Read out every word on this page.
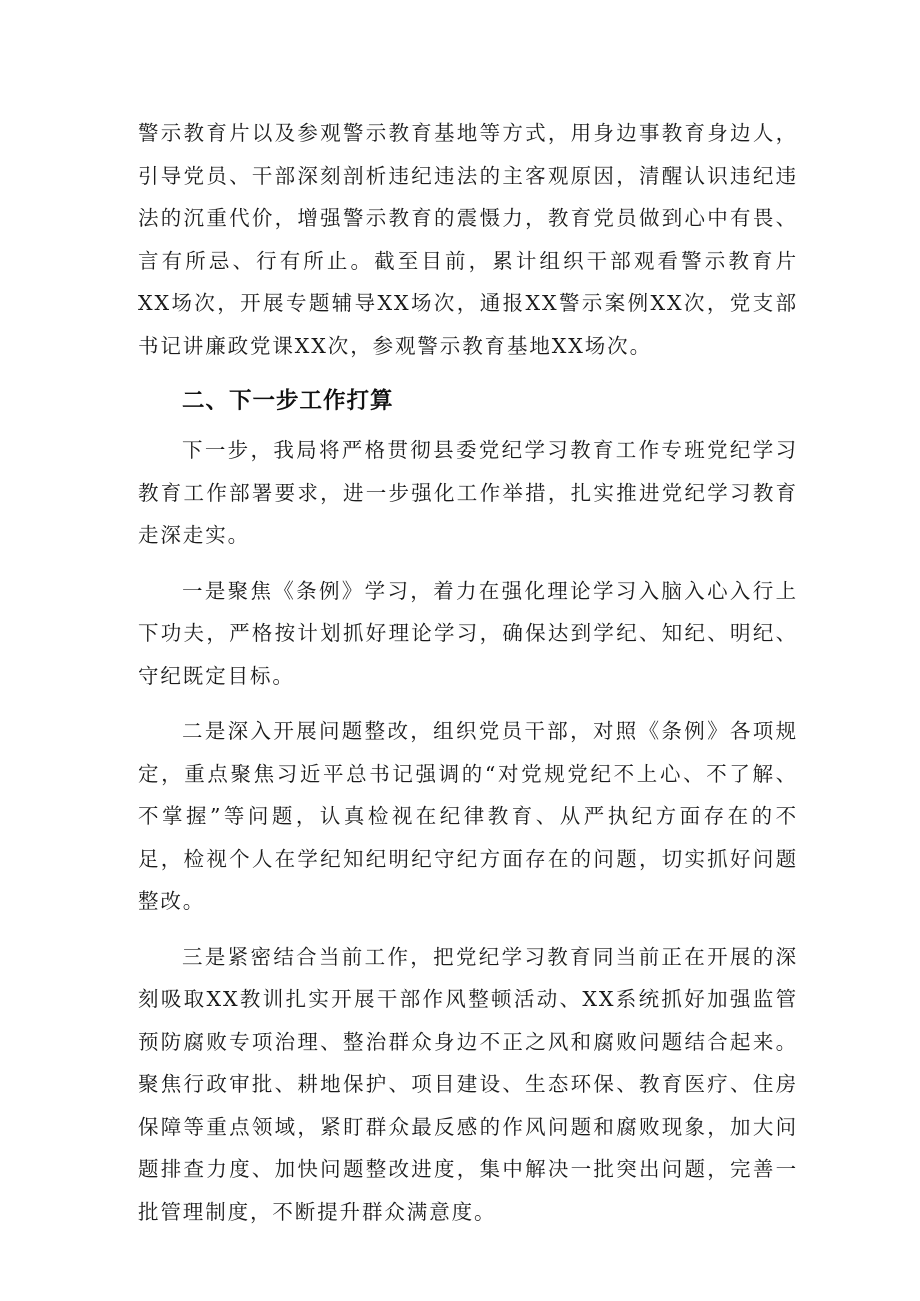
警示教育片以及参观警示教育基地等方式，用身边事教育身边人，引导党员、干部深刻剖析违纪违法的主客观原因，清醒认识违纪违法的沉重代价，增强警示教育的震慑力，教育党员做到心中有畏、言有所忌、行有所止。截至目前，累计组织干部观看警示教育片XX场次，开展专题辅导XX场次，通报XX警示案例XX次，党支部书记讲廉政党课XX次，参观警示教育基地XX场次。

二、下一步工作打算

下一步，我局将严格贯彻县委党纪学习教育工作专班党纪学习教育工作部署要求，进一步强化工作举措，扎实推进党纪学习教育走深走实。

一是聚焦《条例》学习，着力在强化理论学习入脑入心入行上下功夫，严格按计划抓好理论学习，确保达到学纪、知纪、明纪、守纪既定目标。

二是深入开展问题整改，组织党员干部，对照《条例》各项规定，重点聚焦习近平总书记强调的“对党规党纪不上心、不了解、不掌握”等问题，认真检视在纪律教育、从严执纪方面存在的不足，检视个人在学纪知纪明纪守纪方面存在的问题，切实抓好问题整改。

三是紧密结合当前工作，把党纪学习教育同当前正在开展的深刻吸取XX教训扎实开展干部作风整顿活动、XX系统抓好加强监管预防腐败专项治理、整治群众身边不正之风和腐败问题结合起来。聚焦行政审批、耕地保护、项目建设、生态环保、教育医疗、住房保障等重点领域，紧盯群众最反感的作风问题和腐败现象，加大问题排查力度、加快问题整改进度，集中解决一批突出问题，完善一批管理制度，不断提升群众满意度。
